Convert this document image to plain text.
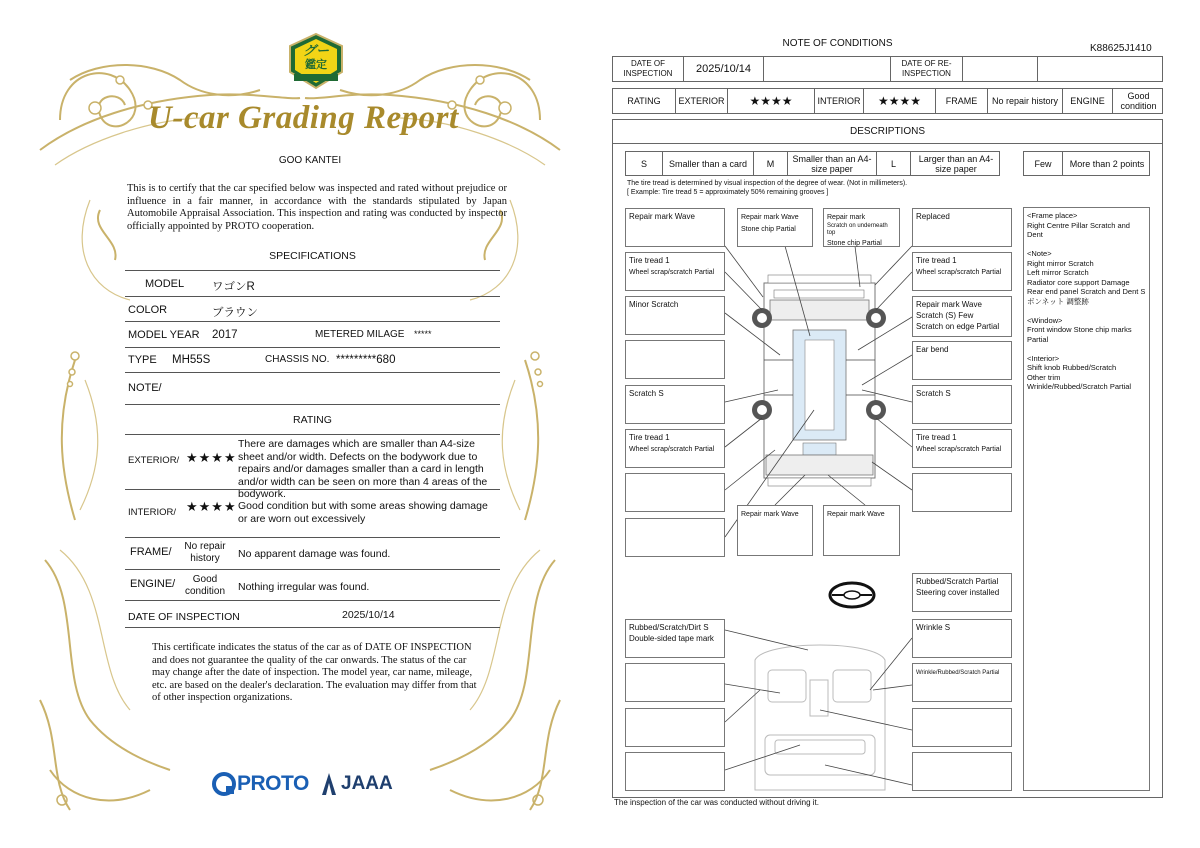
グー
鑑定
U-car Grading Report
GOO KANTEI
This is to certify that the car specified below was inspected and rated without prejudice or influence in a fair manner, in accordance with the standards stipulated by Japan Automobile Appraisal Association. This inspection and rating was conducted by inspector officially appointed by PROTO cooperation.
SPECIFICATIONS
MODEL ワゴンR
COLOR	ブラウン
MODEL YEAR 2017	METERED MILAGE *****
TYPE MH55S	CHASSIS NO. *********680
NOTE/
RATING
EXTERIOR/ ★★★★
There are damages which are smaller than A4-size sheet and/or width. Defects on the bodywork due to repairs and/or damages smaller than a card in length and/or width can be seen on more than 4 areas of the bodywork.
INTERIOR/ ★★★★ Good condition but with some areas showing damage or are worn out excessively
FRAME/	No repair history	No apparent damage was found.
ENGINE/	Good condition	Nothing irregular was found.
DATE OF INSPECTION	2025/10/14
This certificate indicates the status of the car as of DATE OF INSPECTION and does not guarantee the quality of the car onwards. The status of the car may change after the date of inspection. The model year, car name, mileage, etc. are based on the dealer's declaration. The evaluation may differ from that of other inspection organizations.
PROTO JAAA
NOTE OF CONDITIONS	K88625J1410
DATE OF INSPECTION	2025/10/14	DATE OF RE-INSPECTION
RATING	EXTERIOR	★★★★	INTERIOR	★★★★	FRAME	No repair history	ENGINE	Good condition
DESCRIPTIONS
S	Smaller than a card	M	Smaller than an A4-size paper	L	Larger than an A4-size paper	Few	More than 2 points
The tire tread is determined by visual inspection of the degree of wear. (Not in millimeters).
[ Example: Tire tread 5 = approximately 50% remaining grooves ]
Repair mark Wave	Repair mark Wave
Stone chip Partial
Repair mark
Scratch on underneath top
Stone chip Partial
Replaced
Tire tread 1
Wheel scrap/scratch Partial
Tire tread 1
Wheel scrap/scratch Partial
Minor Scratch	Repair mark Wave
Scratch (S) Few
Scratch on edge Partial
Ear bend
Scratch S	Scratch S
Tire tread 1
Wheel scrap/scratch Partial
Tire tread 1
Wheel scrap/scratch Partial
Repair mark Wave	Repair mark Wave
Rubbed/Scratch Partial
Steering cover installed
Rubbed/Scratch/Dirt S
Double-sided tape mark
Wrinkle S
Wrinkle/Rubbed/Scratch Partial
<Frame place>
Right Centre Pillar Scratch and Dent
<Note>
Right mirror Scratch
Left mirror Scratch
Radiator core support Damage
Rear end panel Scratch and Dent S
ボンネット 調整跡
<Window>
Front window Stone chip marks Partial
<Interior>
Shift knob Rubbed/Scratch
Other trim
Wrinkle/Rubbed/Scratch Partial
The inspection of the car was conducted without driving it.
